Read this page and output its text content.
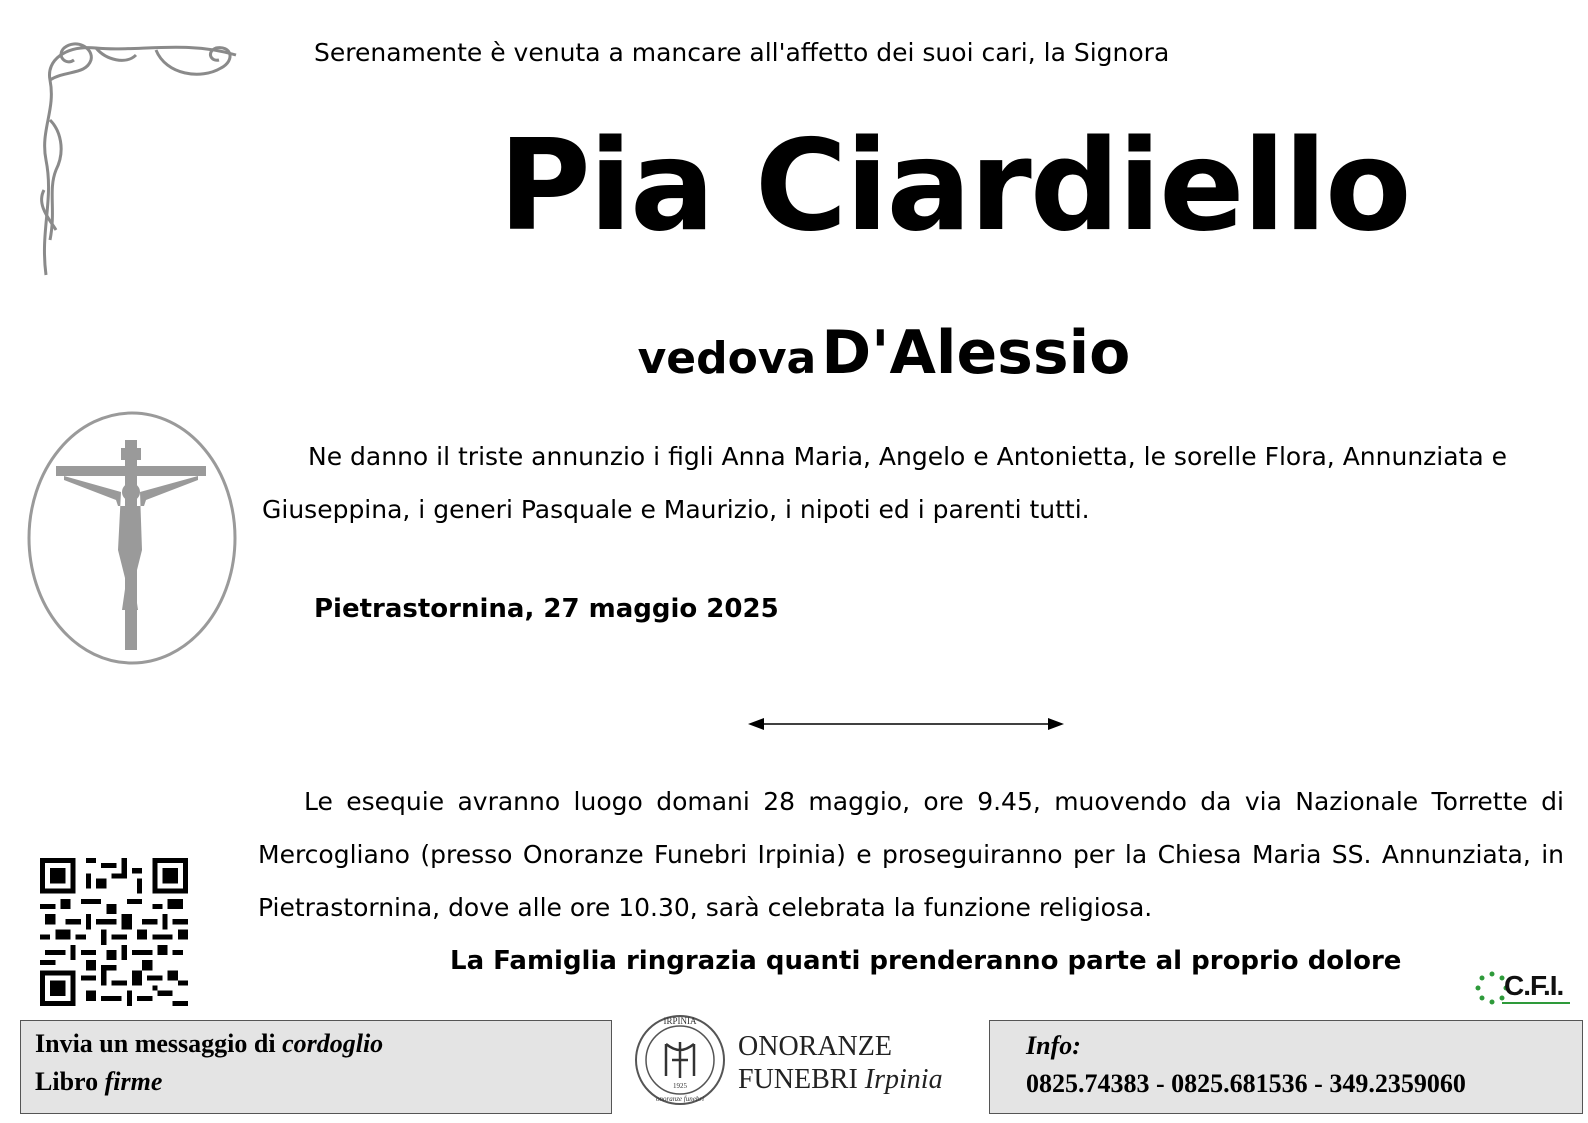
Serenamente è venuta a mancare all'affetto dei suoi cari, la Signora
Pia Ciardiello
vedova D'Alessio
Ne danno il triste annunzio i figli Anna Maria, Angelo e Antonietta, le sorelle Flora, Annunziata e Giuseppina, i generi Pasquale e Maurizio, i nipoti ed i parenti tutti.
Pietrastornina, 27 maggio 2025
Le esequie avranno luogo domani 28 maggio, ore 9.45, muovendo da via Nazionale Torrette di Mercogliano (presso Onoranze Funebri Irpinia) e proseguiranno per la Chiesa Maria SS. Annunziata, in Pietrastornina, dove alle ore 10.30, sarà celebrata la funzione religiosa.
La Famiglia ringrazia quanti prenderanno parte al proprio dolore
C.F.I.
Invia un messaggio di cordoglio
Libro firme
IRPINIA
1925
onoranze funebri
ONORANZE
FUNEBRI Irpinia
Info:
0825.74383 - 0825.681536 - 349.2359060
